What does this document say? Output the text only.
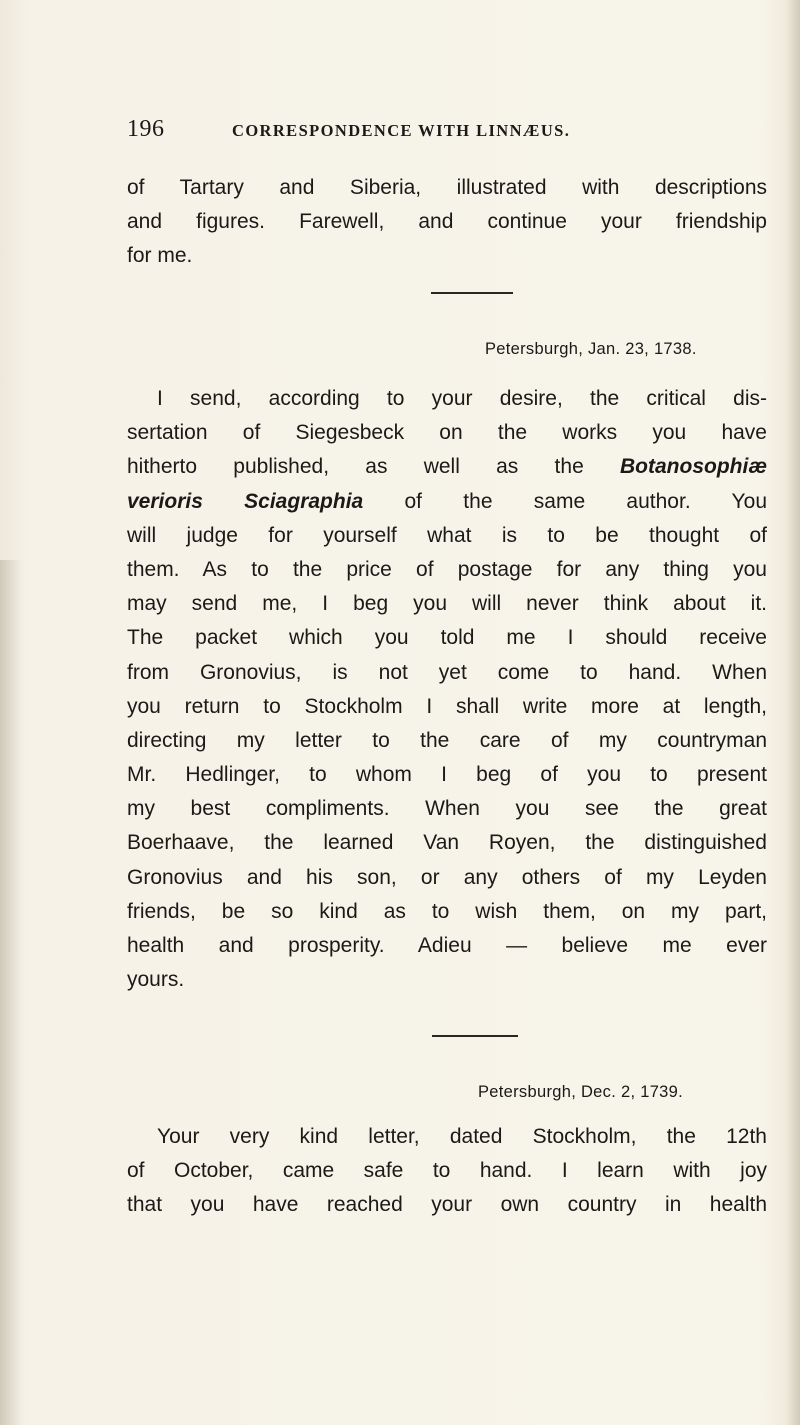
196	CORRESPONDENCE WITH LINNÆUS.
of Tartary and Siberia, illustrated with descriptions
and figures. Farewell, and continue your friendship
for me.
Petersburgh, Jan. 23, 1738.
I send, according to your desire, the critical dis-
sertation of Siegesbeck on the works you have
hitherto published, as well as the Botanosophiæ
verioris Sciagraphia of the same author. You
will judge for yourself what is to be thought of
them. As to the price of postage for any thing you
may send me, I beg you will never think about it.
The packet which you told me I should receive
from Gronovius, is not yet come to hand. When
you return to Stockholm I shall write more at length,
directing my letter to the care of my countryman
Mr. Hedlinger, to whom I beg of you to present
my best compliments. When you see the great
Boerhaave, the learned Van Royen, the distinguished
Gronovius and his son, or any others of my Leyden
friends, be so kind as to wish them, on my part,
health and prosperity. Adieu — believe me ever
yours.
Petersburgh, Dec. 2, 1739.
Your very kind letter, dated Stockholm, the 12th
of October, came safe to hand. I learn with joy
that you have reached your own country in health
